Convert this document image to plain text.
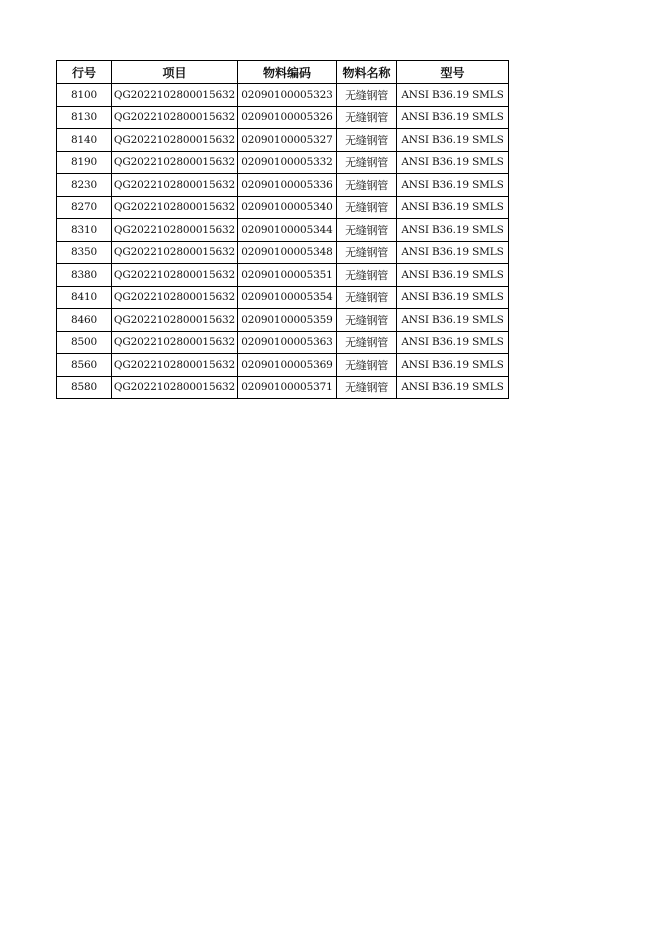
行号	项目	物料编码	物料名称	型号
8100	QG2022102800015632	02090100005323	无缝钢管	ANSI B36.19 SMLS
8130	QG2022102800015632	02090100005326	无缝钢管	ANSI B36.19 SMLS
8140	QG2022102800015632	02090100005327	无缝钢管	ANSI B36.19 SMLS
8190	QG2022102800015632	02090100005332	无缝钢管	ANSI B36.19 SMLS
8230	QG2022102800015632	02090100005336	无缝钢管	ANSI B36.19 SMLS
8270	QG2022102800015632	02090100005340	无缝钢管	ANSI B36.19 SMLS
8310	QG2022102800015632	02090100005344	无缝钢管	ANSI B36.19 SMLS
8350	QG2022102800015632	02090100005348	无缝钢管	ANSI B36.19 SMLS
8380	QG2022102800015632	02090100005351	无缝钢管	ANSI B36.19 SMLS
8410	QG2022102800015632	02090100005354	无缝钢管	ANSI B36.19 SMLS
8460	QG2022102800015632	02090100005359	无缝钢管	ANSI B36.19 SMLS
8500	QG2022102800015632	02090100005363	无缝钢管	ANSI B36.19 SMLS
8560	QG2022102800015632	02090100005369	无缝钢管	ANSI B36.19 SMLS
8580	QG2022102800015632	02090100005371	无缝钢管	ANSI B36.19 SMLS
